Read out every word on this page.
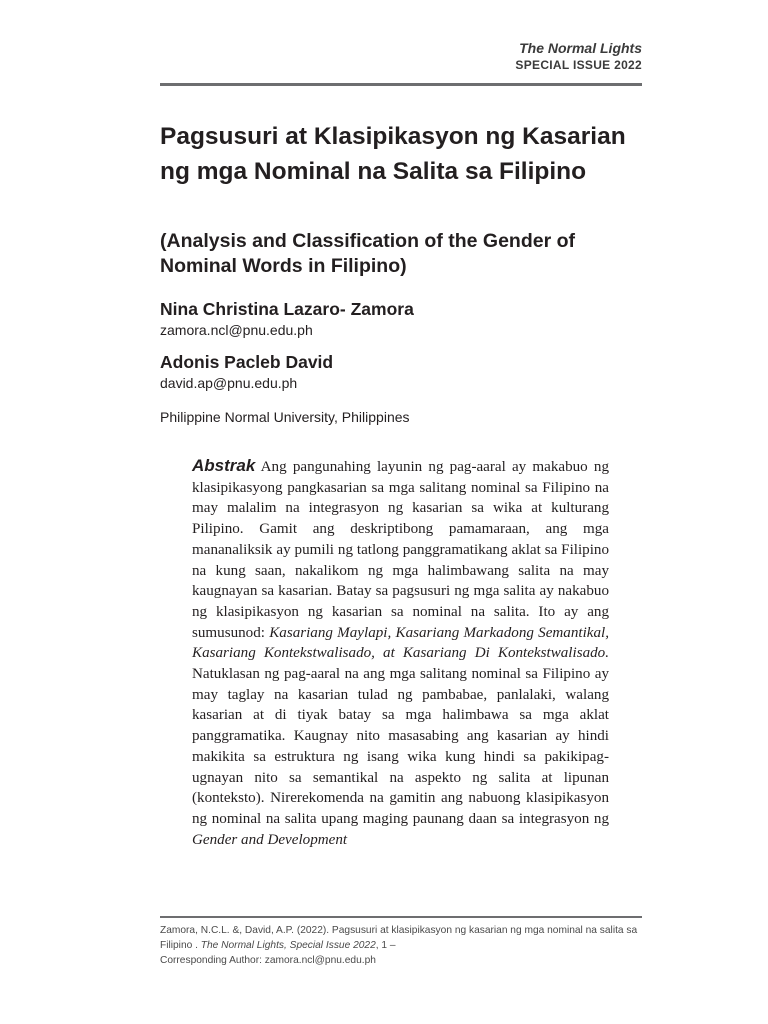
The Normal Lights
SPECIAL ISSUE 2022
Pagsusuri at Klasipikasyon ng Kasarian ng mga Nominal na Salita sa Filipino
(Analysis and Classification of the Gender of Nominal Words in Filipino)
Nina Christina Lazaro- Zamora
zamora.ncl@pnu.edu.ph
Adonis Pacleb David
david.ap@pnu.edu.ph
Philippine Normal University, Philippines

Abstrak Ang pangunahing layunin ng pag-aaral ay makabuo ng klasipikasyong pangkasarian sa mga salitang nominal sa Filipino na may malalim na integrasyon ng kasarian sa wika at kulturang Pilipino. Gamit ang deskriptibong pamamaraan, ang mga mananaliksik ay pumili ng tatlong panggramatikang aklat sa Filipino na kung saan, nakalikom ng mga halimbawang salita na may kaugnayan sa kasarian. Batay sa pagsusuri ng mga salita ay nakabuo ng klasipikasyon ng kasarian sa nominal na salita. Ito ay ang sumusunod: Kasariang Maylapi, Kasariang Markadong Semantikal, Kasariang Kontekstwalisado, at Kasariang Di Kontekstwalisado. Natuklasan ng pag-aaral na ang mga salitang nominal sa Filipino ay may taglay na kasarian tulad ng pambabae, panlalaki, walang kasarian at di tiyak batay sa mga halimbawa sa mga aklat panggramatika. Kaugnay nito masasabing ang kasarian ay hindi makikita sa estruktura ng isang wika kung hindi sa pakikipag-ugnayan nito sa semantikal na aspekto ng salita at lipunan (konteksto). Nirerekomenda na gamitin ang nabuong klasipikasyon ng nominal na salita upang maging paunang daan sa integrasyon ng Gender and Development

Zamora, N.C.L. &, David, A.P. (2022). Pagsusuri at klasipikasyon ng kasarian ng mga nominal na salita sa Filipino . The Normal Lights, Special Issue 2022, 1 –
Corresponding Author: zamora.ncl@pnu.edu.ph
